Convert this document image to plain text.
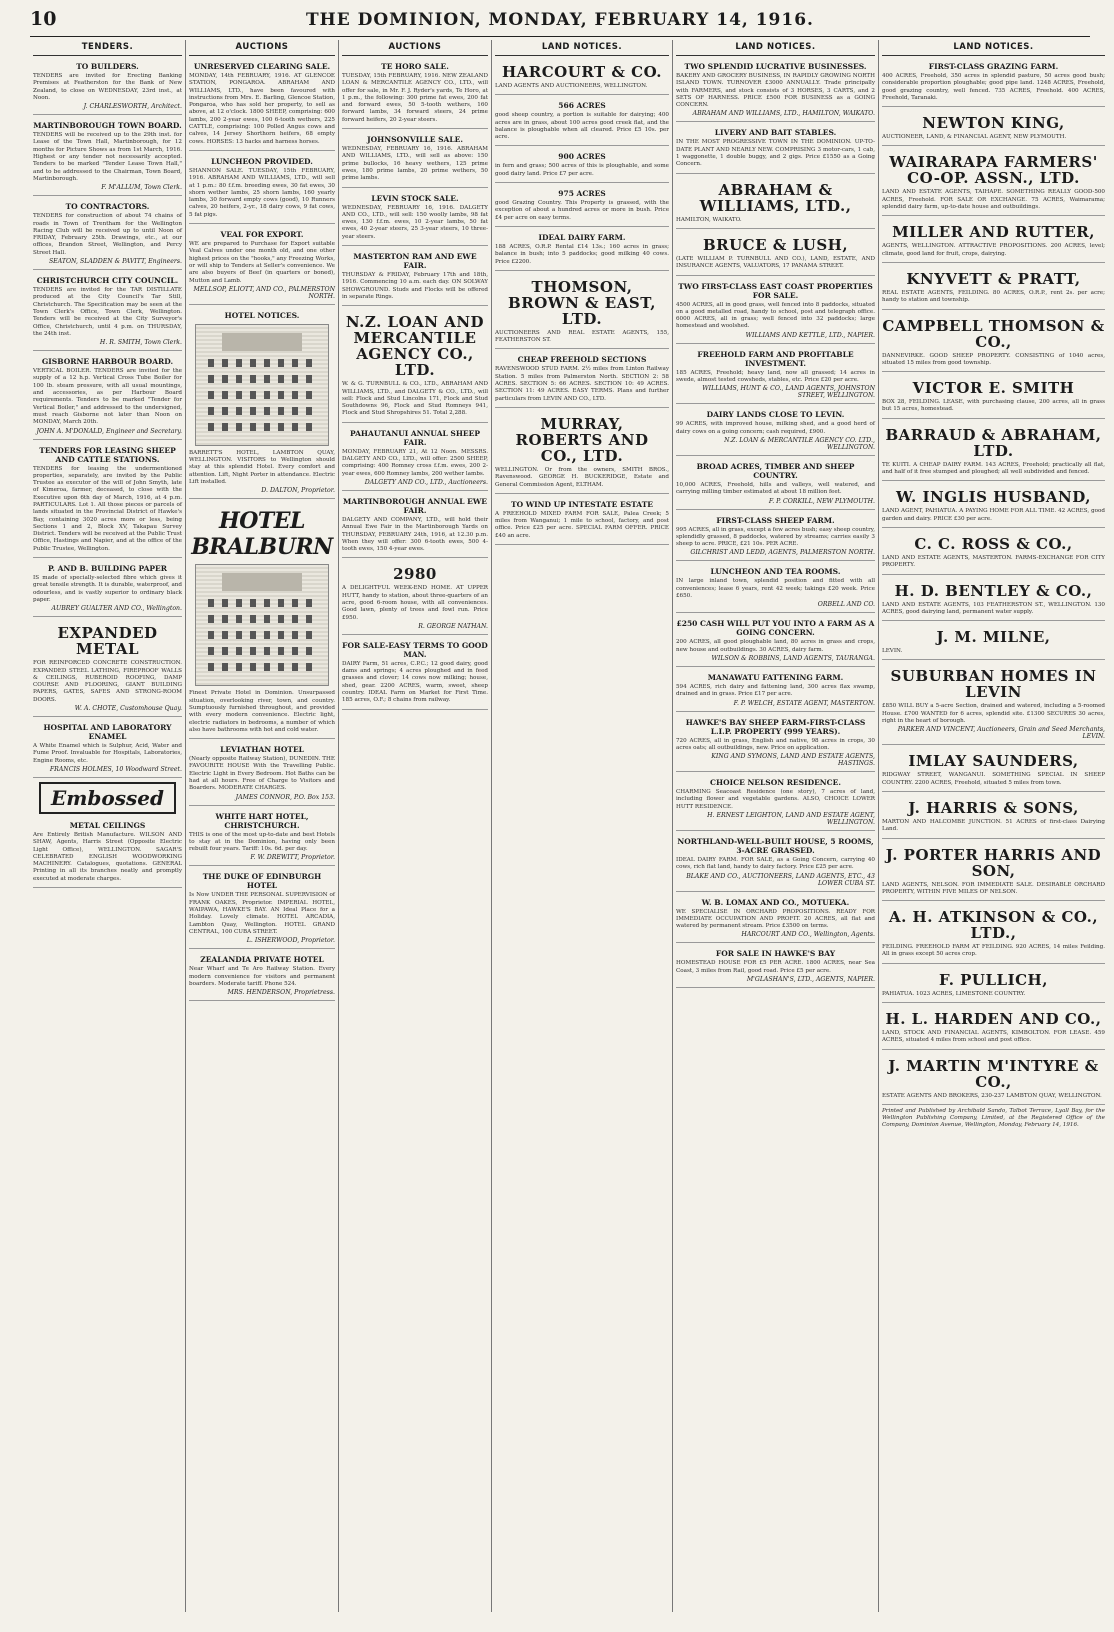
10	THE DOMINION, MONDAY, FEBRUARY 14, 1916.
TENDERS.
TO BUILDERS.
TENDERS are invited for Erecting Banking Premises at Featherston for the Bank of New Zealand, to close on WEDNESDAY, 23rd inst., at Noon.
J. CHARLESWORTH, Architect.
MARTINBOROUGH TOWN BOARD.
TENDERS will be received up to the 29th inst. for Lease of the Town Hall, Martinborough, for 12 months for Picture Shows as from 1st March, 1916. Highest or any tender not necessarily accepted. Tenders to be marked "Tender Lease Town Hall," and to be addressed to the Chairman, Town Board, Martinborough.
F. M'ALLUM, Town Clerk.
TO CONTRACTORS.
TENDERS for construction of about 74 chains of roads in Town of Trentham for the Wellington Racing Club will be received up to until Noon of FRIDAY, February 25th. Drawings, etc., at our offices, Brandon Street, Wellington, and Percy Street Hall.
SEATON, SLADDEN & PAVITT, Engineers.
CHRISTCHURCH CITY COUNCIL.
TENDERS are invited for the TAR DISTILLATE produced at the City Council's Tar Still, Christchurch. The Specification may be seen at the Town Clerk's Office, Town Clerk, Wellington. Tenders will be received at the City Surveyor's Office, Christchurch, until 4 p.m. on THURSDAY, the 24th inst.
H. R. SMITH, Town Clerk.
GISBORNE HARBOUR BOARD.
VERTICAL BOILER. TENDERS are invited for the supply of a 12 h.p. Vertical Cross Tube Boiler for 100 lb. steam pressure, with all usual mountings, and accessories, as per Harbour Board requirements. Tenders to be marked "Tender for Vertical Boiler," and addressed to the undersigned, must reach Gisborne not later than Noon on MONDAY, March 20th.
JOHN A. M'DONALD, Engineer and Secretary.
TENDERS FOR LEASING SHEEP AND CATTLE STATIONS.
TENDERS for leasing the undermentioned properties, separately, are invited by the Public Trustee as executor of the will of John Smyth, late of Kimeroa, farmer, deceased, to close with the Executive upon 6th day of March, 1916, at 4 p.m. PARTICULARS. Lot 1. All those pieces or parcels of lands situated in the Provincial District of Hawke's Bay, containing 3020 acres more or less, being Sections 1 and 2, Block XV, Takapau Survey District. Tenders will be received at the Public Trust Office, Hastings and Napier, and at the office of the Public Trustee, Wellington.
P. AND B. BUILDING PAPER
IS made of specially-selected fibre which gives it great tensile strength. It is durable, waterproof, and odourless, and is vastly superior to ordinary black paper.
AUBREY GUALTER AND CO., Wellington.
EXPANDED METAL
FOR REINFORCED CONCRETE CONSTRUCTION. EXPANDED STEEL LATHING, FIREPROOF WALLS & CEILINGS, RUBEROID ROOFING, DAMP COURSE AND FLOORING, GIANT BUILDING PAPERS, GATES, SAFES AND STRONG-ROOM DOORS.
W. A. CHOTE, Customhouse Quay.
HOSPITAL AND LABORATORY ENAMEL
A White Enamel which is Sulphur, Acid, Water and Fume Proof. Invaluable for Hospitals, Laboratories, Engine Rooms, etc.
FRANCIS HOLMES, 10 Woodward Street.
Embossed
METAL CEILINGS
Are Entirely British Manufacture. WILSON AND SHAW, Agents, Harris Street (Opposite Electric Light Office), WELLINGTON. SAGAR'S CELEBRATED ENGLISH WOODWORKING MACHINERY. Catalogues, quotations. GENERAL Printing in all its branches neatly and promptly executed at moderate charges.
AUCTIONS
UNRESERVED CLEARING SALE.
MONDAY, 14th FEBRUARY, 1916. AT GLENCOE STATION, PONGAROA. ABRAHAM AND WILLIAMS, LTD., have been favoured with instructions from Mrs. E. Barling, Glencoe Station, Pongaroa, who has sold her property, to sell as above, at 12 o'clock. 1800 SHEEP, comprising: 600 lambs, 200 2-year ewes, 100 6-tooth wethers, 225 CATTLE, comprising: 100 Polled Angus cows and calves, 14 Jersey Shorthorn heifers, 68 empty cows. HORSES: 13 hacks and harness horses.
LUNCHEON PROVIDED.
SHANNON SALE. TUESDAY, 15th FEBRUARY, 1916. ABRAHAM AND WILLIAMS, LTD., will sell at 1 p.m.: 80 f.f.m. breeding ewes, 30 fat ewes, 30 shorn wether lambs, 25 shorn lambs, 160 yearly lambs, 30 forward empty cows (good), 10 Runners calves, 20 heifers, 2-yr., 18 dairy cows, 9 fat cows, 5 fat pigs.
VEAL FOR EXPORT.
WE are prepared to Purchase for Export suitable Veal Calves under one month old, and one other highest prices on the "hooks," any Freezing Works, or will ship to Tenders at Seller's convenience. We are also buyers of Beef (in quarters or boned), Mutton and Lamb.
MELLSOP, ELIOTT, AND CO., PALMERSTON NORTH.
HOTEL NOTICES.
BARRETT'S HOTEL, LAMBTON QUAY, WELLINGTON. VISITORS to Wellington should stay at this splendid Hotel. Every comfort and attention. Lift, Night Porter in attendance. Electric Lift installed.
D. DALTON, Proprietor.
HOTEL BRALBURN
Finest Private Hotel in Dominion. Unsurpassed situation, overlooking river, town, and country. Sumptuously furnished throughout, and provided with every modern convenience. Electric light, electric radiators in bedrooms, a number of which also have bathrooms with hot and cold water.
LEVIATHAN HOTEL
(Nearly opposite Railway Station), DUNEDIN. THE FAVOURITE HOUSE With the Travelling Public. Electric Light in Every Bedroom. Hot Baths can be had at all hours. Free of Charge to Visitors and Boarders. MODERATE CHARGES.
JAMES CONNOR, P.O. Box 153.
WHITE HART HOTEL, CHRISTCHURCH.
THIS is one of the most up-to-date and best Hotels to stay at in the Dominion, having only been rebuilt four years. Tariff: 10s. 6d. per day.
F. W. DREWITT, Proprietor.
THE DUKE OF EDINBURGH HOTEL
Is Now UNDER THE PERSONAL SUPERVISION of FRANK OAKES, Proprietor. IMPERIAL HOTEL, WAIPAWA, HAWKE'S BAY. AN Ideal Place for a Holiday. Lovely climate. HOTEL ARCADIA, Lambton Quay, Wellington. HOTEL GRAND CENTRAL, 100 CUBA STREET.
L. ISHERWOOD, Proprietor.
ZEALANDIA PRIVATE HOTEL
Near Wharf and Te Aro Railway Station. Every modern convenience for visitors and permanent boarders. Moderate tariff. Phone 524.
MRS. HENDERSON, Proprietress.
AUCTIONS
TE HORO SALE.
TUESDAY, 15th FEBRUARY, 1916. NEW ZEALAND LOAN & MERCANTILE AGENCY CO., LTD., will offer for sale, in Mr. F. J. Ryder's yards, Te Horo, at 1 p.m., the following: 300 prime fat ewes, 200 fat and forward ewes, 50 5-tooth wethers, 160 forward lambs, 34 forward steers, 24 prime forward heifers, 20 2-year steers.
JOHNSONVILLE SALE.
WEDNESDAY, FEBRUARY 16, 1916. ABRAHAM AND WILLIAMS, LTD., will sell as above: 150 prime bullocks, 16 heavy wethers, 125 prime ewes, 180 prime lambs, 20 prime wethers, 50 prime lambs.
LEVIN STOCK SALE.
WEDNESDAY, FEBRUARY 16, 1916. DALGETY AND CO., LTD., will sell: 150 woolly lambs, 98 fat ewes, 130 f.f.m. ewes, 10 2-year lambs, 50 fat ewes, 40 2-year steers, 25 3-year steers, 10 three-year steers.
MASTERTON RAM AND EWE FAIR.
THURSDAY & FRIDAY, February 17th and 18th, 1916. Commencing 10 a.m. each day. ON SOLWAY SHOWGROUND. Studs and Flocks will be offered in separate Rings.
N.Z. LOAN AND MERCANTILE AGENCY CO., LTD.
W. & G. TURNBULL & CO., LTD., ABRAHAM AND WILLIAMS, LTD., and DALGETY & CO., LTD., will sell: Flock and Stud Lincolns 171, Flock and Stud Southdowns 96, Flock and Stud Romneys 941, Flock and Stud Shropshires 51. Total 2,288.
PAHAUTANUI ANNUAL SHEEP FAIR.
MONDAY, FEBRUARY 21, At 12 Noon. MESSRS. DALGETY AND CO., LTD., will offer: 2500 SHEEP, comprising: 400 Romney cross f.f.m. ewes, 200 2-year ewes, 600 Romney lambs, 200 wether lambs.
DALGETY AND CO., LTD., Auctioneers.
MARTINBOROUGH ANNUAL EWE FAIR.
DALGETY AND COMPANY, LTD., will hold their Annual Ewe Fair in the Martinborough Yards on THURSDAY, FEBRUARY 24th, 1916, at 12.30 p.m. When they will offer: 300 6-tooth ewes, 500 4-tooth ewes, 150 4-year ewes.
2980
A DELIGHTFUL WEEK-END HOME. AT UPPER HUTT, handy to station, about three-quarters of an acre, good 6-room house, with all conveniences. Good lawn, plenty of trees and fowl run. Price £950.
R. GEORGE NATHAN.
FOR SALE-EASY TERMS TO GOOD MAN.
DAIRY Farm, 51 acres, C.P.C.; 12 good dairy, good dams and springs; 4 acres ploughed and in feed grasses and clover; 14 cows now milking; house, shed, gear. 2200 ACRES, warm, sweet, sheep country. IDEAL Farm on Market for First Time. 185 acres, O.F.; 8 chains from railway.
LAND NOTICES.
HARCOURT & CO.
LAND AGENTS AND AUCTIONEERS, WELLINGTON.
566 ACRES
good sheep country, a portion is suitable for dairying; 400 acres are in grass, about 100 acres good creek flat, and the balance is ploughable when all cleared. Price £5 10s. per acre.
900 ACRES
in fern and grass; 500 acres of this is ploughable, and some good dairy land. Price £7 per acre.
975 ACRES
good Grazing Country. This Property is grassed, with the exception of about a hundred acres or more in bush. Price £4 per acre on easy terms.
IDEAL DAIRY FARM.
188 ACRES, O.R.P. Rental £14 13s.; 160 acres in grass; balance in bush; into 5 paddocks; good milking 40 cows. Price £2200.
THOMSON, BROWN & EAST, LTD.
AUCTIONEERS AND REAL ESTATE AGENTS, 155, FEATHERSTON ST.
CHEAP FREEHOLD SECTIONS
RAVENSWOOD STUD FARM. 2½ miles from Linton Railway Station. 5 miles from Palmerston North. SECTION 2: 58 ACRES. SECTION 5: 66 ACRES. SECTION 10: 49 ACRES. SECTION 11: 49 ACRES. EASY TERMS. Plans and further particulars from LEVIN AND CO., LTD.
MURRAY, ROBERTS AND CO., LTD.
WELLINGTON. Or from the owners, SMITH BROS., Ravenswood. GEORGE H. BUCKERIDGE, Estate and General Commission Agent, ELTHAM.
TO WIND UP INTESTATE ESTATE
A FREEHOLD MIXED FARM FOR SALE, Palea Creek; 5 miles from Wanganui; 1 mile to school, factory, and post office. Price £25 per acre. SPECIAL FARM OFFER. PRICE £40 an acre.
LAND NOTICES.
TWO SPLENDID LUCRATIVE BUSINESSES.
BAKERY AND GROCERY BUSINESS, IN RAPIDLY GROWING NORTH ISLAND TOWN. TURNOVER £3000 ANNUALLY. Trade principally with FARMERS, and stock consists of 3 HORSES, 3 CARTS, and 2 SETS OF HARNESS. PRICE £500 FOR BUSINESS as a GOING CONCERN.
ABRAHAM AND WILLIAMS, LTD., HAMILTON, WAIKATO.
LIVERY AND BAIT STABLES.
IN THE MOST PROGRESSIVE TOWN IN THE DOMINION. UP-TO-DATE PLANT AND NEARLY NEW. COMPRISING 3 motor-cars, 1 cab, 1 waggonette, 1 double buggy, and 2 gigs. Price £1550 as a Going Concern.
ABRAHAM & WILLIAMS, LTD.,
HAMILTON, WAIKATO.
BRUCE & LUSH,
(LATE WILLIAM P. TURNBULL AND CO.), LAND, ESTATE, AND INSURANCE AGENTS, VALUATORS, 17 PANAMA STREET.
TWO FIRST-CLASS EAST COAST PROPERTIES FOR SALE.
4500 ACRES, all in good grass, well fenced into 8 paddocks, situated on a good metalled road, handy to school, post and telegraph office. 6000 ACRES, all in grass; well fenced into 32 paddocks; large homestead and woolshed.
WILLIAMS AND KETTLE, LTD., NAPIER.
FREEHOLD FARM AND PROFITABLE INVESTMENT.
185 ACRES, Freehold; heavy land, now all grassed; 14 acres in swede, almost tested cowsheds, stables, etc. Price £20 per acre.
WILLIAMS, HUNT & CO., LAND AGENTS, JOHNSTON STREET, WELLINGTON.
DAIRY LANDS CLOSE TO LEVIN.
99 ACRES, with improved house, milking shed, and a good herd of dairy cows on a going concern; cash required, £900.
N.Z. LOAN & MERCANTILE AGENCY CO. LTD., WELLINGTON.
BROAD ACRES, TIMBER AND SHEEP COUNTRY.
10,000 ACRES, Freehold, hills and valleys, well watered, and carrying milling timber estimated at about 18 million feet.
F. P. CORKILL, NEW PLYMOUTH.
FIRST-CLASS SHEEP FARM.
995 ACRES, all in grass, except a few acres bush; easy sheep country, splendidly grassed, 8 paddocks, watered by streams; carries easily 3 sheep to acre. PRICE, £21 10s. PER ACRE.
GILCHRIST AND LEDD, AGENTS, PALMERSTON NORTH.
LUNCHEON AND TEA ROOMS.
IN large inland town, splendid position and fitted with all conveniences; lease 6 years, rent 42 week; takings £20 week. Price £650.
ORBELL AND CO.
£250 CASH WILL PUT YOU INTO A FARM AS A GOING CONCERN.
200 ACRES, all good ploughable land, 80 acres in grass and crops, new house and outbuildings. 30 ACRES, dairy farm.
WILSON & ROBBINS, LAND AGENTS, TAURANGA.
MANAWATU FATTENING FARM.
594 ACRES, rich dairy and fattening land, 300 acres flax swamp, drained and in grass. Price £17 per acre.
F. P. WELCH, ESTATE AGENT, MASTERTON.
HAWKE'S BAY SHEEP FARM-FIRST-CLASS L.I.P. PROPERTY (999 YEARS).
720 ACRES, all in grass, English and native, 98 acres in crops, 30 acres oats; all outbuildings, new. Price on application.
KING AND SYMONS, LAND AND ESTATE AGENTS, HASTINGS.
CHOICE NELSON RESIDENCE.
CHARMING Seacoast Residence (one story), 7 acres of land, including flower and vegetable gardens. ALSO, CHOICE LOWER HUTT RESIDENCE.
H. ERNEST LEIGHTON, LAND AND ESTATE AGENT, WELLINGTON.
NORTHLAND-WELL-BUILT HOUSE, 5 ROOMS, 3-ACRE GRASSED.
IDEAL DAIRY FARM. FOR SALE, as a Going Concern, carrying 40 cows, rich flat land, handy to dairy factory. Price £25 per acre.
BLAKE AND CO., AUCTIONEERS, LAND AGENTS, ETC., 43 LOWER CUBA ST.
W. B. LOMAX AND CO., MOTUEKA.
WE SPECIALISE IN ORCHARD PROPOSITIONS. READY FOR IMMEDIATE OCCUPATION AND PROFIT. 20 ACRES, all flat and watered by permanent stream. Price £3500 on terms.
HARCOURT AND CO., Wellington, Agents.
FOR SALE IN HAWKE'S BAY
HOMESTEAD HOUSE FOR £5 PER ACRE. 1800 ACRES, near Sea Coast, 3 miles from Rail, good road. Price £5 per acre.
M'GLASHAN'S, LTD., AGENTS, NAPIER.
LAND NOTICES.
FIRST-CLASS GRAZING FARM.
400 ACRES, Freehold, 350 acres in splendid pasture, 50 acres good bush; considerable proportion ploughable; good pipe land. 1248 ACRES, Freehold, good grazing country, well fenced. 735 ACRES, Freehold. 400 ACRES, Freehold, Taranaki.
NEWTON KING,
AUCTIONEER, LAND, & FINANCIAL AGENT, NEW PLYMOUTH.
WAIRARAPA FARMERS' CO-OP. ASSN., LTD.
LAND AND ESTATE AGENTS, TAIHAPE. SOMETHING REALLY GOOD-500 ACRES, Freehold. FOR SALE OR EXCHANGE. 75 ACRES, Waimarama; splendid dairy farm, up-to-date house and outbuildings.
MILLER AND RUTTER,
AGENTS, WELLINGTON. ATTRACTIVE PROPOSITIONS. 200 ACRES, level; climate, good land for fruit, crops, dairying.
KNYVETT & PRATT,
REAL ESTATE AGENTS, FEILDING. 80 ACRES, O.R.P., rent 2s. per acre; handy to station and township.
CAMPBELL THOMSON & CO.,
DANNEVIRKE. GOOD SHEEP PROPERTY. CONSISTING of 1040 acres, situated 15 miles from good township.
VICTOR E. SMITH
BOX 28, FEILDING. LEASE, with purchasing clause, 200 acres, all in grass but 15 acres, homestead.
BARRAUD & ABRAHAM, LTD.
TE KUITI. A CHEAP DAIRY FARM. 143 ACRES, Freehold; practically all flat, and half of it free stumped and ploughed; all well subdivided and fenced.
W. INGLIS HUSBAND,
LAND AGENT, PAHIATUA. A PAYING HOME FOR ALL TIME. 42 ACRES, good garden and dairy. PRICE £30 per acre.
C. C. ROSS & CO.,
LAND AND ESTATE AGENTS, MASTERTON. FARMS-EXCHANGE FOR CITY PROPERTY.
H. D. BENTLEY & CO.,
LAND AND ESTATE AGENTS, 103 FEATHERSTON ST., WELLINGTON. 130 ACRES, good dairying land, permanent water supply.
J. M. MILNE,
LEVIN.
SUBURBAN HOMES IN LEVIN
£850 WILL BUY a 5-acre Section, drained and watered, including a 5-roomed House. £700 WANTED for 6 acres, splendid site. £1300 SECURES 30 acres, right in the heart of borough.
PARKER AND VINCENT, Auctioneers, Grain and Seed Merchants, LEVIN.
IMLAY SAUNDERS,
RIDGWAY STREET, WANGANUI. SOMETHING SPECIAL IN SHEEP COUNTRY. 2200 ACRES, Freehold, situated 5 miles from town.
J. HARRIS & SONS,
MARTON AND HALCOMBE JUNCTION. 51 ACRES of first-class Dairying Land.
J. PORTER HARRIS AND SON,
LAND AGENTS, NELSON. FOR IMMEDIATE SALE. DESIRABLE ORCHARD PROPERTY, WITHIN FIVE MILES OF NELSON.
A. H. ATKINSON & CO., LTD.,
FEILDING. FREEHOLD FARM AT FEILDING. 920 ACRES, 14 miles Feilding. All in grass except 50 acres crop.
F. PULLICH,
PAHIATUA. 1023 ACRES, LIMESTONE COUNTRY.
H. L. HARDEN AND CO.,
LAND, STOCK AND FINANCIAL AGENTS, KIMBOLTON. FOR LEASE. 459 ACRES, situated 4 miles from school and post office.
J. MARTIN M'INTYRE & CO.,
ESTATE AGENTS AND BROKERS, 230-237 LAMBTON QUAY, WELLINGTON.
Printed and Published by Archibald Sando, Talbot Terrace, Lyall Bay, for the Wellington Publishing Company, Limited, at the Registered Office of the Company, Dominion Avenue, Wellington, Monday, February 14, 1916.
